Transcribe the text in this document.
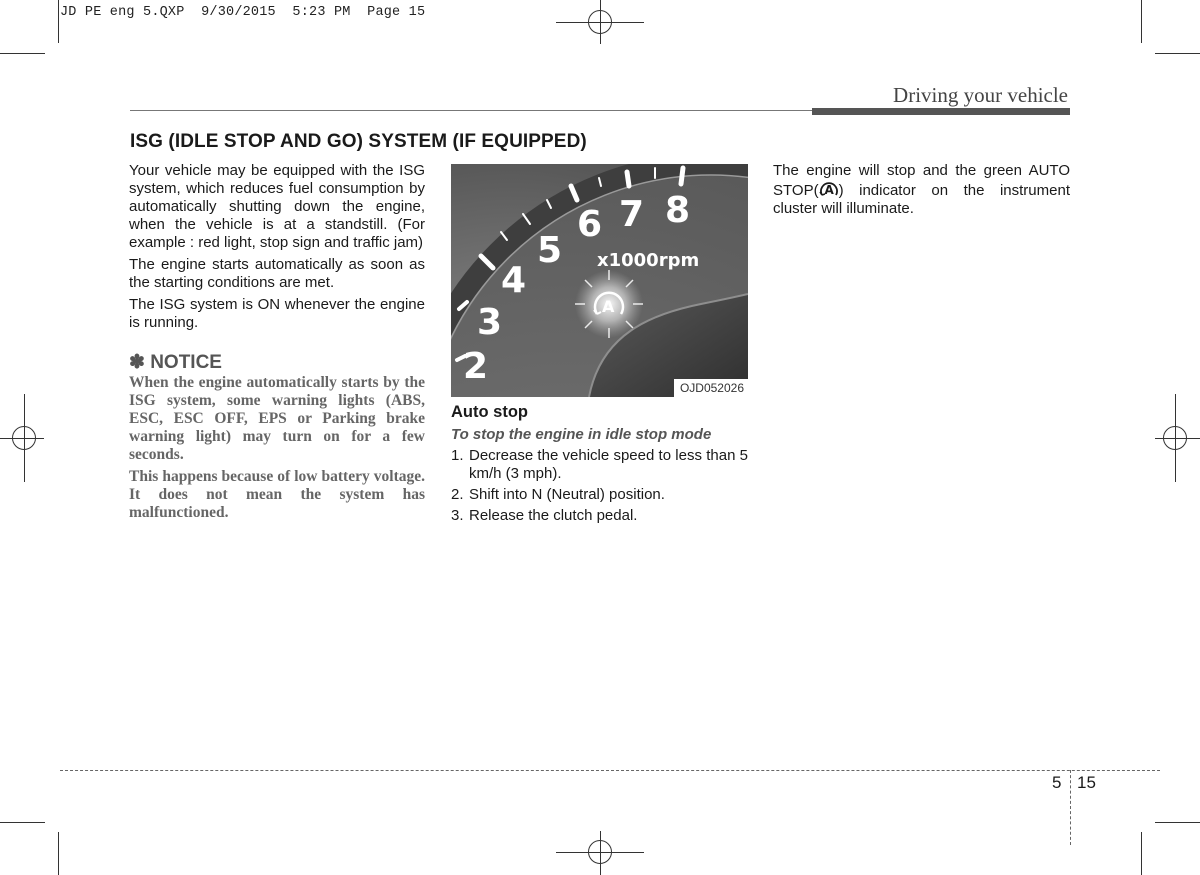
JD PE eng 5.QXP  9/30/2015  5:23 PM  Page 15
Driving your vehicle
ISG (IDLE STOP AND GO) SYSTEM (IF EQUIPPED)

Your vehicle may be equipped with the ISG system, which reduces fuel consumption by automatically shutting down the engine, when the vehicle is at a standstill. (For example : red light, stop sign and traffic jam)

The engine starts automatically as soon as the starting conditions are met.

The ISG system is ON whenever the engine is running.

✽ NOTICE

When the engine automatically starts by the ISG system, some warning lights (ABS, ESC, ESC OFF, EPS or Parking brake warning light) may turn on for a few seconds.

This happens because of low battery voltage. It does not mean the system has malfunctioned.

2
3
4
5
6 7 8
x1000rpm
A
OJD052026
Auto stop
To stop the engine in idle stop mode
1. Decrease the vehicle speed to less than 5 km/h (3 mph).
2. Shift into N (Neutral) position.
3. Release the clutch pedal.

The engine will stop and the green AUTO STOP( A ) indicator on the instrument cluster will illuminate.

5 15
